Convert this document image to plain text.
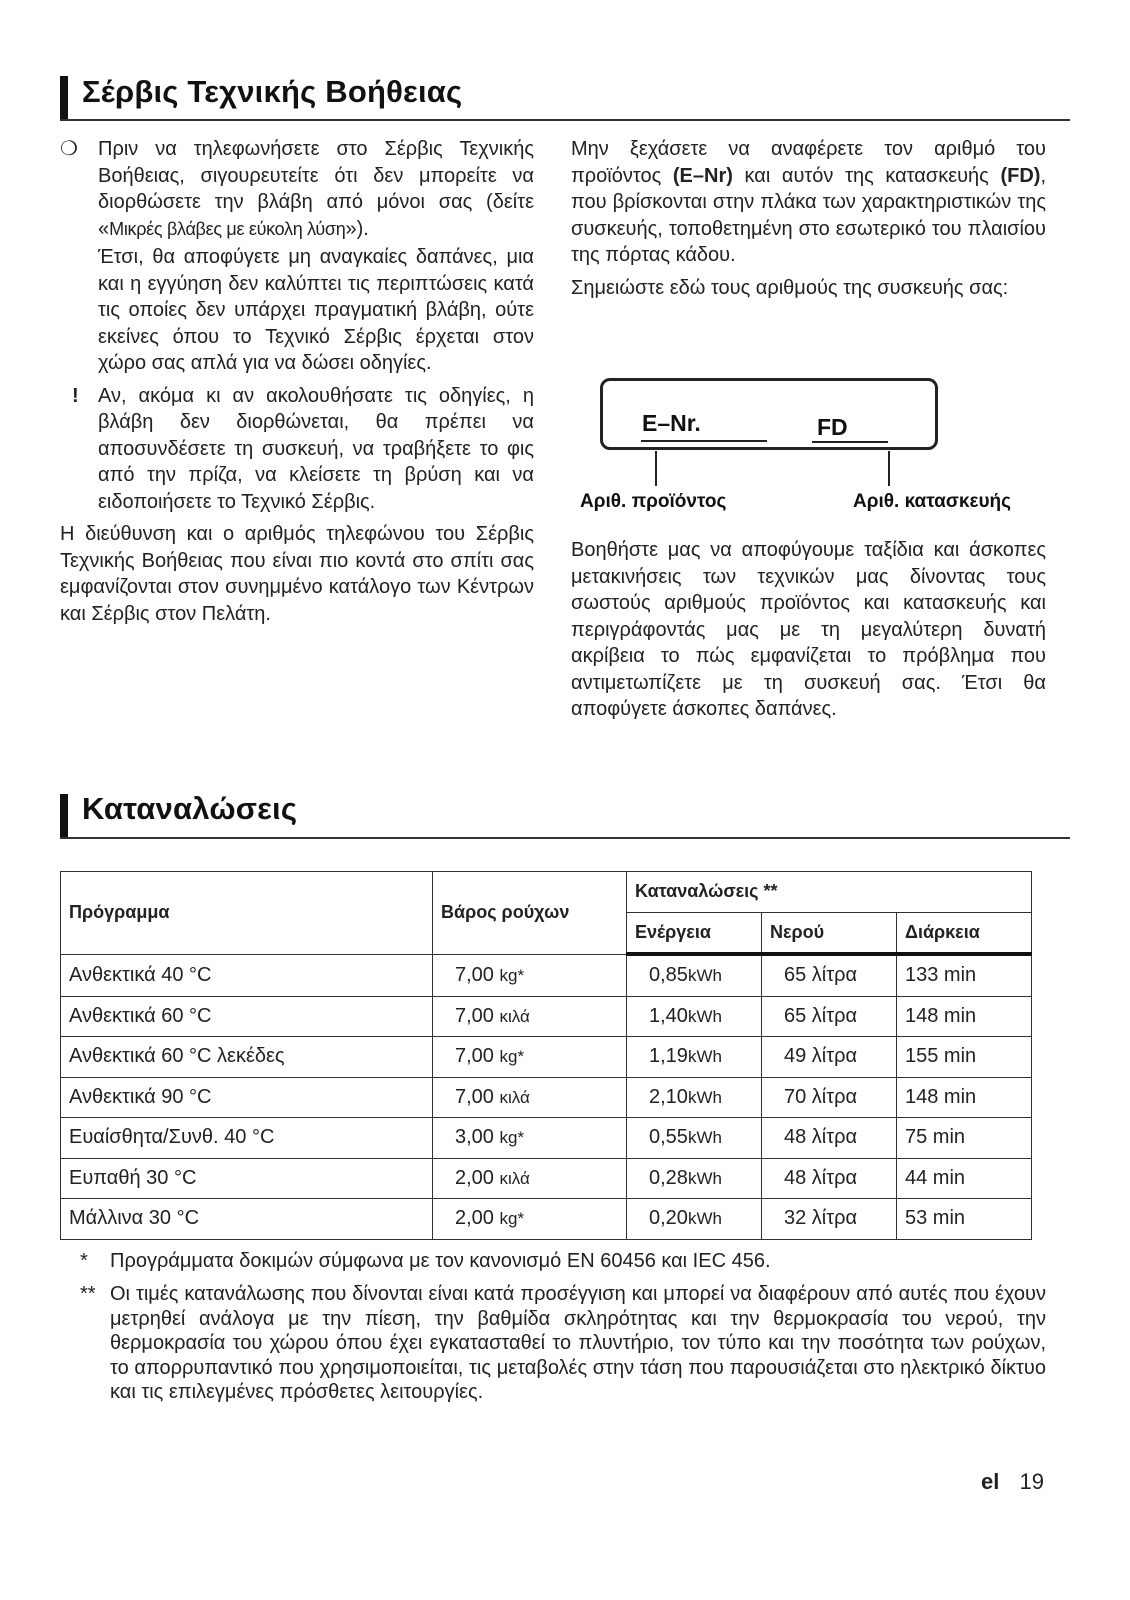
Σέρβις Τεχνικής Βοήθειας
❍	Πριν να τηλεφωνήσετε στο Σέρβις Τεχνικής Βοήθειας, σιγουρευτείτε ότι δεν μπορείτε να διορθώσετε την βλάβη από μόνοι σας (δείτε «Μικρές βλάβες με εύκολη λύση»).

Έτσι, θα αποφύγετε μη αναγκαίες δαπάνες, μια και η εγγύηση δεν καλύπτει τις περιπτώσεις κατά τις οποίες δεν υπάρχει πραγματική βλάβη, ούτε εκείνες όπου το Τεχνικό Σέρβις έρχεται στον χώρο σας απλά για να δώσει οδηγίες.

! Αν, ακόμα κι αν ακολουθήσατε τις οδηγίες, η βλάβη δεν διορθώνεται, θα πρέπει να αποσυνδέσετε τη συσκευή, να τραβήξετε το φις από την πρίζα, να κλείσετε τη βρύση και να ειδοποιήσετε το Τεχνικό Σέρβις.

Η διεύθυνση και ο αριθμός τηλεφώνου του Σέρβις Τεχνικής Βοήθειας που είναι πιο κοντά στο σπίτι σας εμφανίζονται στον συνημμένο κατάλογο των Κέντρων και Σέρβις στον Πελάτη.

Μην ξεχάσετε να αναφέρετε τον αριθμό του προϊόντος (E–Nr) και αυτόν της κατασκευής (FD), που βρίσκονται στην πλάκα των χαρακτηριστικών της συσκευής, τοποθετημένη στο εσωτερικό του πλαισίου της πόρτας κάδου.

Σημειώστε εδώ τους αριθμούς της συσκευής σας:

E–Nr.	FD
Αριθ. προϊόντος	Αριθ. κατασκευής

Βοηθήστε μας να αποφύγουμε ταξίδια και άσκοπες μετακινήσεις των τεχνικών μας δίνοντας τους σωστούς αριθμούς προϊόντος και κατασκευής και περιγράφοντάς μας με τη μεγαλύτερη δυνατή ακρίβεια το πώς εμφανίζεται το πρόβλημα που αντιμετωπίζετε με τη συσκευή σας. Έτσι θα αποφύγετε άσκοπες δαπάνες.

Καταναλώσεις
Πρόγραμμα	Βάρος ρούχων	Καταναλώσεις **		
		Ενέργεια	Νερού	Διάρκεια
Ανθεκτικά 40 °C	7,00 kg*	0,85kWh	65 λίτρα	133 min
Ανθεκτικά 60 °C	7,00 κιλά	1,40kWh	65 λίτρα	148 min
Ανθεκτικά 60 °C λεκέδες	7,00 kg*	1,19kWh	49 λίτρα	155 min
Ανθεκτικά 90 °C	7,00 κιλά	2,10kWh	70 λίτρα	148 min
Ευαίσθητα/Συνθ. 40 °C	3,00 kg*	0,55kWh	48 λίτρα	75 min
Ευπαθή 30 °C	2,00 κιλά	0,28kWh	48 λίτρα	44 min
Μάλλινα 30 °C	2,00 kg*	0,20kWh	32 λίτρα	53 min
*	Προγράμματα δοκιμών σύμφωνα με τον κανονισμό EN 60456 και IEC 456.

** Οι τιμές κατανάλωσης που δίνονται είναι κατά προσέγγιση και μπορεί να διαφέρουν από αυτές που έχουν μετρηθεί ανάλογα με την πίεση, την βαθμίδα σκληρότητας και την θερμοκρασία του νερού, την θερμοκρασία του χώρου όπου έχει εγκατασταθεί το πλυντήριο, τον τύπο και την ποσότητα των ρούχων, το απορρυπαντικό που χρησιμοποιείται, τις μεταβολές στην τάση που παρουσιάζεται στο ηλεκτρικό δίκτυο και τις επιλεγμένες πρόσθετες λειτουργίες.

el 19
